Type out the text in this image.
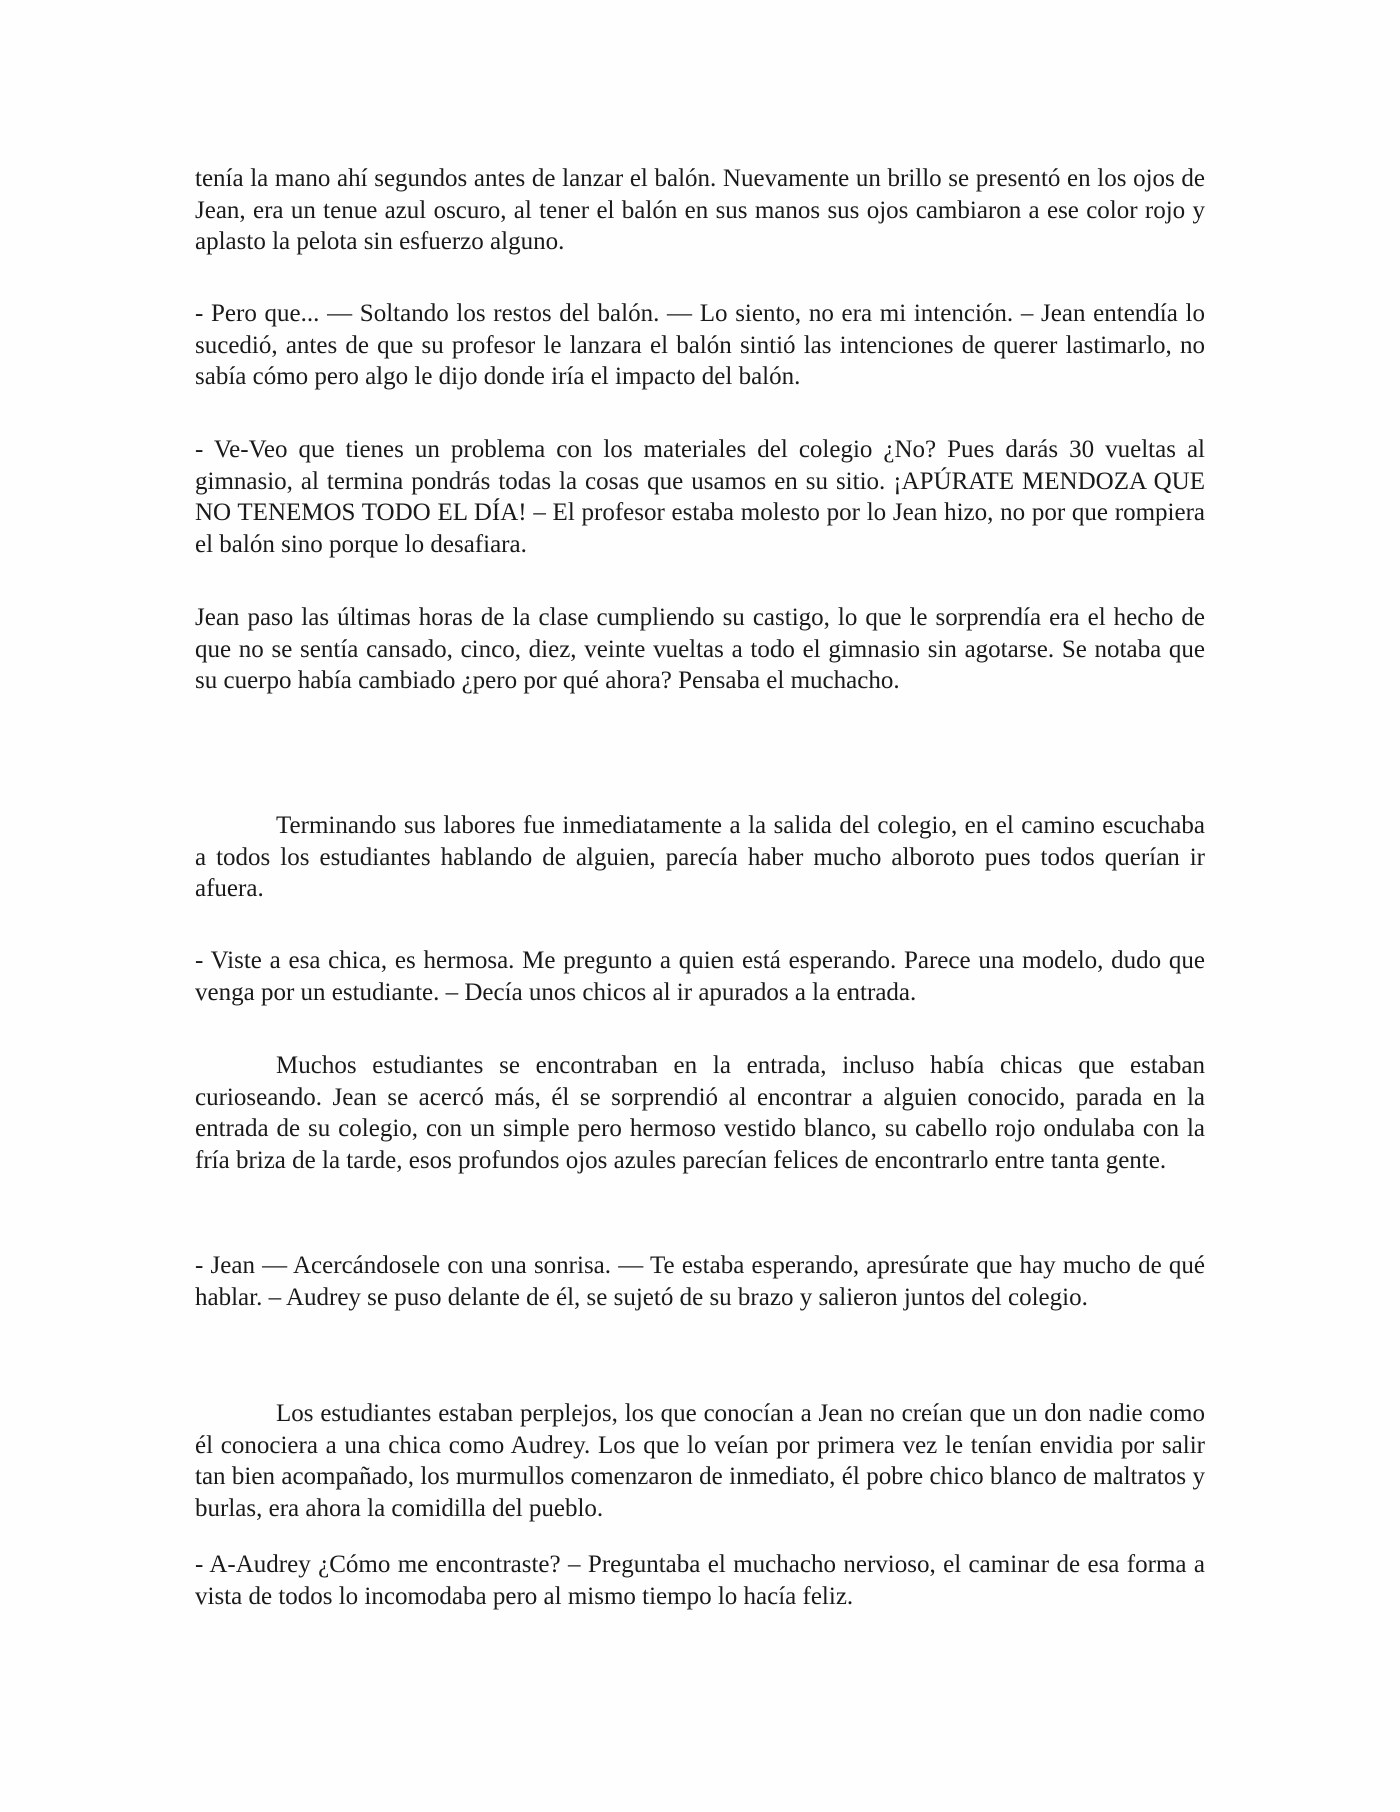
tenía la mano ahí segundos antes de lanzar el balón. Nuevamente un brillo se presentó en los ojos de Jean, era un tenue azul oscuro, al tener el balón en sus manos sus ojos cambiaron a ese color rojo y aplasto la pelota sin esfuerzo alguno.

- Pero que... — Soltando los restos del balón. — Lo siento, no era mi intención. – Jean entendía lo sucedió, antes de que su profesor le lanzara el balón sintió las intenciones de querer lastimarlo, no sabía cómo pero algo le dijo donde iría el impacto del balón.

- Ve-Veo que tienes un problema con los materiales del colegio ¿No? Pues darás 30 vueltas al gimnasio, al termina pondrás todas la cosas que usamos en su sitio. ¡APÚRATE MENDOZA QUE NO TENEMOS TODO EL DÍA! – El profesor estaba molesto por lo Jean hizo, no por que rompiera el balón sino porque lo desafiara.

Jean paso las últimas horas de la clase cumpliendo su castigo, lo que le sorprendía era el hecho de que no se sentía cansado, cinco, diez, veinte vueltas a todo el gimnasio sin agotarse. Se notaba que su cuerpo había cambiado ¿pero por qué ahora? Pensaba el muchacho.

Terminando sus labores fue inmediatamente a la salida del colegio, en el camino escuchaba a todos los estudiantes hablando de alguien, parecía haber mucho alboroto pues todos querían ir afuera.

- Viste a esa chica, es hermosa. Me pregunto a quien está esperando. Parece una modelo, dudo que venga por un estudiante. – Decía unos chicos al ir apurados a la entrada.

Muchos estudiantes se encontraban en la entrada, incluso había chicas que estaban curioseando. Jean se acercó más, él se sorprendió al encontrar a alguien conocido, parada en la entrada de su colegio, con un simple pero hermoso vestido blanco, su cabello rojo ondulaba con la fría briza de la tarde, esos profundos ojos azules parecían felices de encontrarlo entre tanta gente.

- Jean — Acercándosele con una sonrisa. — Te estaba esperando, apresúrate que hay mucho de qué hablar. – Audrey se puso delante de él, se sujetó de su brazo y salieron juntos del colegio.

Los estudiantes estaban perplejos, los que conocían a Jean no creían que un don nadie como él conociera a una chica como Audrey. Los que lo veían por primera vez le tenían envidia por salir tan bien acompañado, los murmullos comenzaron de inmediato, él pobre chico blanco de maltratos y burlas, era ahora la comidilla del pueblo.

- A-Audrey ¿Cómo me encontraste? – Preguntaba el muchacho nervioso, el caminar de esa forma a vista de todos lo incomodaba pero al mismo tiempo lo hacía feliz.
